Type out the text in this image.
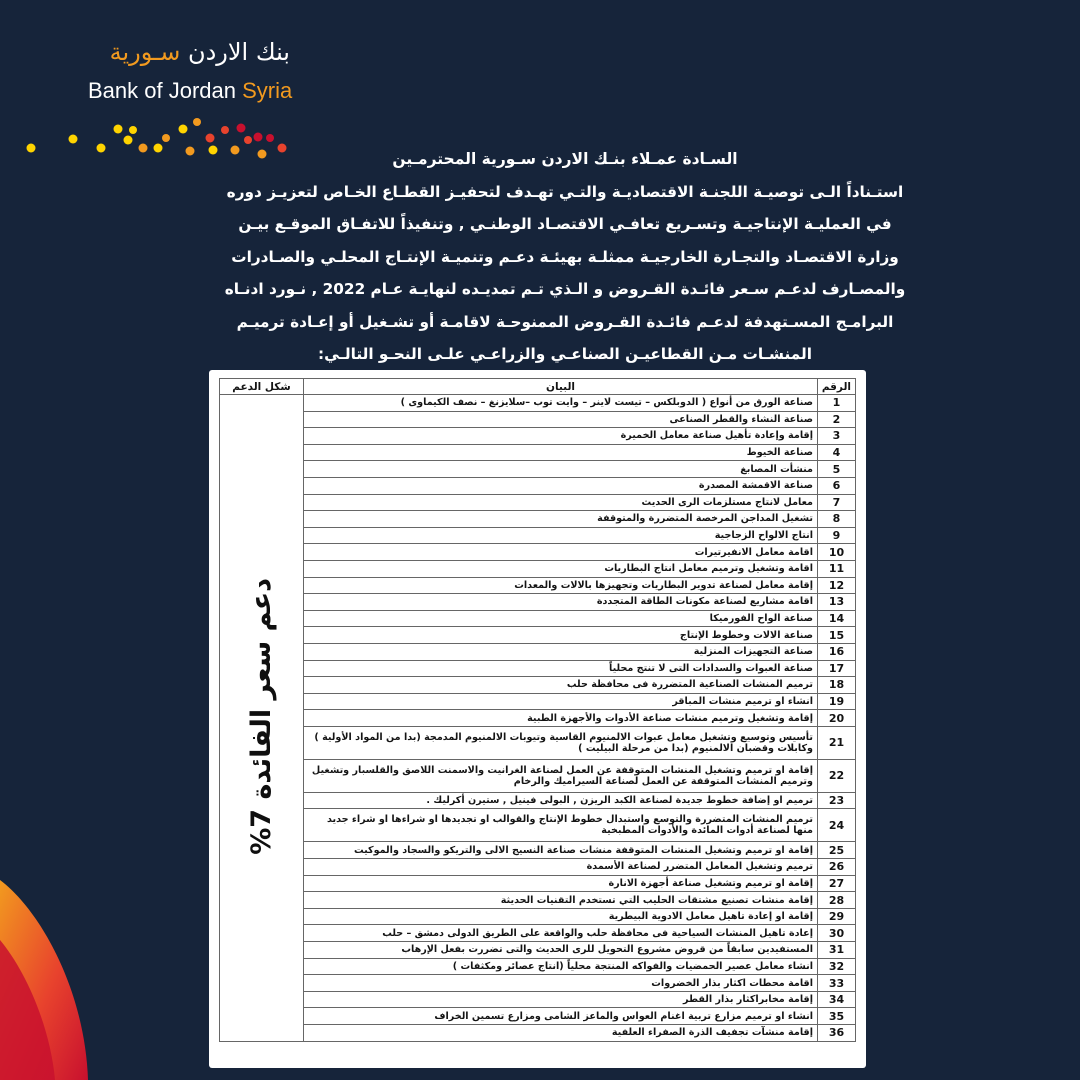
بنك الاردن سـورية
Bank of Jordan Syria
السـادة عمـلاء بنـك الاردن سـورية المحترمـين
استـناداً الـى توصيـة اللجنـة الاقتصاديـة والتـي تهـدف لتحفيـز القطـاع الخـاص لتعزيـز دوره
في العمليـة الإنتاجيـة وتسـريع تعافـي الاقتصـاد الوطنـي , وتنفيذاً للاتفـاق الموقـع بيـن
وزارة الاقتصـاد والتجـارة الخارجيـة ممثلـة بهيئـة دعـم وتنميـة الإنتـاج المحلـي والصـادرات
والمصـارف لدعـم سـعر فائـدة القـروض و الـذي تـم تمديـده لنهايـة عـام 2022 , نـورد ادنـاه
البرامـج المسـتهدفة لدعـم فائـدة القـروض الممنوحـة لاقامـة أو تشـغيل أو إعـادة ترميـم
المنشـات مـن القطاعيـن الصناعـي والزراعـي علـى النحـو التالـي:
الرقم	البيان	شكل الدعم
1	صناعة الورق من أنواع ( الدوبلكس – تيست لاينر – وايت توب –سلايزنغ – نصف الكيماوى )	دعم سعر الفائدة 7%
2	صناعة النشاء والقطر الصناعى	
3	إقامة وإعادة تأهيل صناعة معامل الخميرة	
4	صناعة الخيوط	
5	منشأت المصابغ	
6	صناعة الاقمشة المصدرة	
7	معامل لانتاج مستلزمات الرى الحديث	
8	تشغيل المداجن المرخصة المتضررة والمتوقفة	
9	انتاج الالواح الزجاجية	
10	اقامة معامل الانفيرتيرات	
11	اقامة وتشغيل وترميم معامل انتاج البطاريات	
12	إقامة معامل لصناعة تدوير البطاريات وتجهيزها بالالات والمعدات	
13	اقامة مشاريع لصناعة مكونات الطاقة المتجددة	
14	صناعة الواح الفورميكا	
15	صناعة الالات وخطوط الإنتاج	
16	صناعة التجهيزات المنزلية	
17	صناعة العبوات والسدادات التى لا تنتج محلياً	
18	ترميم المنشات الصناعية المتضررة فى محافظة حلب	
19	انشاء او ترميم منشات المباقر	
20	إقامة وتشغيل وترميم منشات صناعة الأدوات والأجهزة الطبية	
21	تأسيس وتوسيع وتشغيل معامل عبوات الالمنيوم القاسية وتيوبات الالمنيوم المدمجة (بدا من المواد الأولية ) وكابلات وقضبان الالمنيوم (بدا من مرحلة البيليت )	
22	إقامة او ترميم وتشغيل المنشات المتوقفة عن العمل لصناعة الغرانيت والاسمنت اللاصق والقلسبار وتشغيل وترميم المنشات المتوقفة عن العمل لصناعة السيراميك والرخام	
23	ترميم او إضافة خطوط جديدة لصناعة الكبد الريزن , البولى فينيل , ستيرن أكرليك .	
24	ترميم المنشات المتضررة والتوسع واستبدال خطوط الإنتاج والقوالب او تجديدها او شراءها او شراء جديد منها لصناعة أدوات المائدة والأدوات المطبخية	
25	إقامة او ترميم وتشغيل المنشات المتوقفة منشات صناعة النسيج الالى والتريكو والسجاد والموكيت	
26	ترميم وتشغيل المعامل المتضرر لصناعة الأسمدة	
27	إقامة او ترميم وتشغيل صناعة أجهزة الانارة	
28	إقامة منشات تصنيع مشتقات الحليب التي تستخدم التقنيات الحديثة	
29	إقامة او إعادة تاهيل معامل الادوية البيطرية	
30	إعادة تاهيل المنشات السياحية فى محافظة حلب والواقعة على الطريق الدولى دمشق – حلب	
31	المستفيدين سابقاً من قروض مشروع التحويل للرى الحديث والتى تضررت بفعل الإرهاب	
32	انشاء معامل عصير الحمضيات والفواكه المنتجة محلياً (انتاج عصائر ومكثفات )	
33	اقامة محطات اكثار بذار الخضروات	
34	إقامة مخابراكثار بذار القطر	
35	انشاء او ترميم مزارع تربية اغنام العواس والماعز الشامى ومزارع تسمين الخراف	
36	إقامة منشآت تجفيف الذرة الصفراء العلفية	
